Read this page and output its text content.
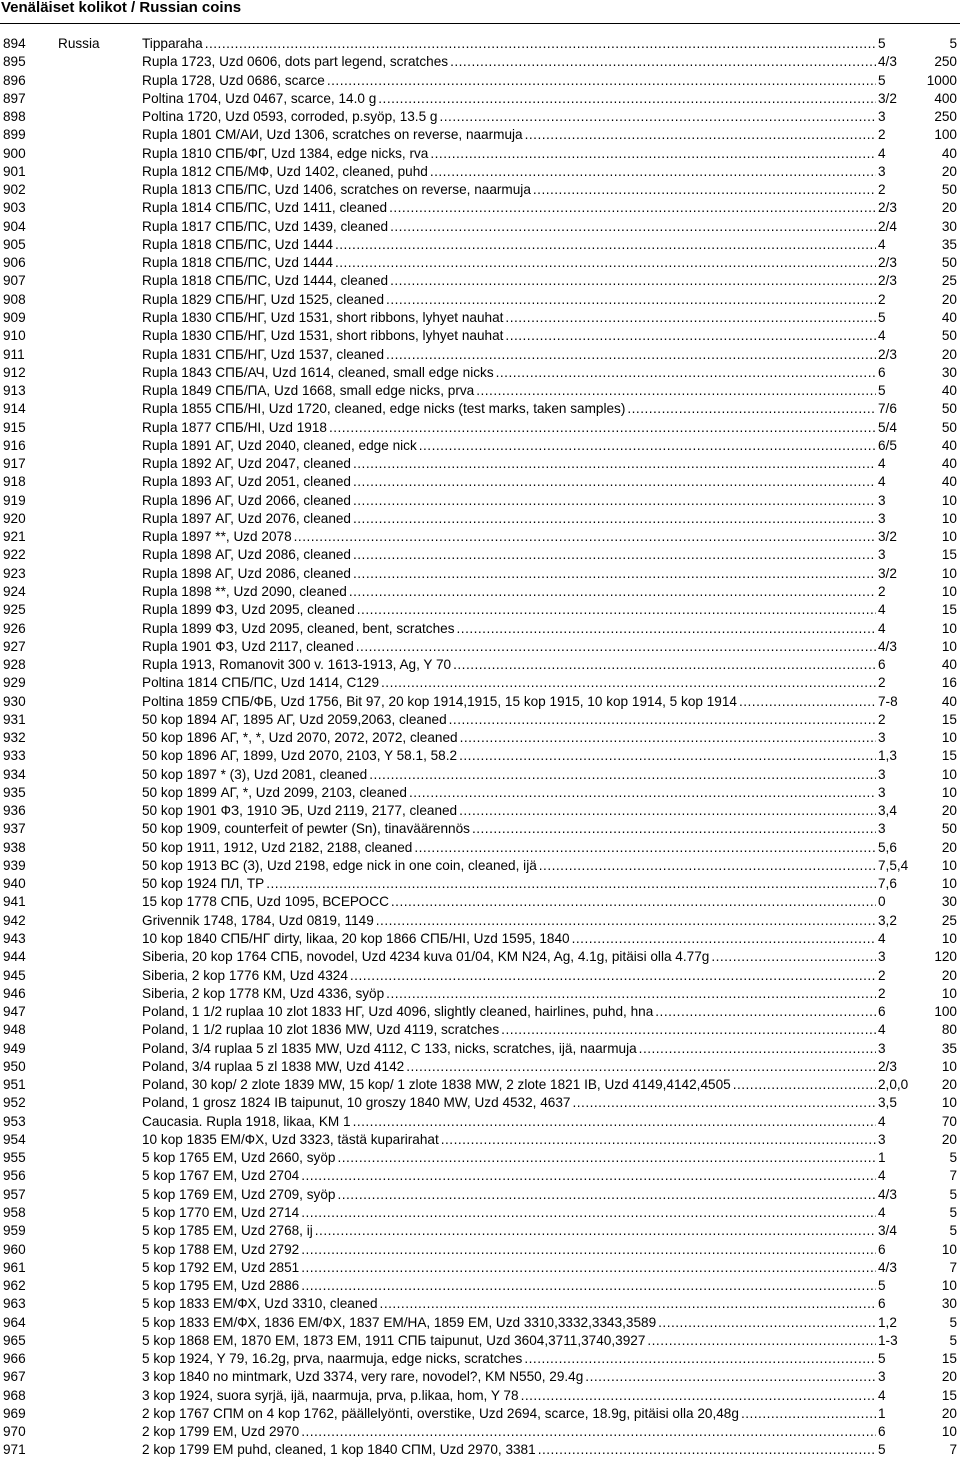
Venäläiset kolikot / Russian coins
894 Russia	Tipparaha .....	5	5
895	Rupla 1723, Uzd 0606, dots part legend, scratches .....	4/3	250
896	Rupla 1728, Uzd 0686, scarce .....	5	1000
897	Poltina 1704, Uzd 0467, scarce, 14.0 g .....	3/2	400
898	Poltina 1720, Uzd 0593, corroded, p.syöp, 13.5 g .....	3	250
899	Rupla 1801 СМ/АИ, Uzd 1306, scratches on reverse, naarmuja .....	2	100
900	Rupla 1810 СПБ/ФГ, Uzd 1384, edge nicks, rva .....	4	40
901	Rupla 1812 СПБ/МФ, Uzd 1402, cleaned, puhd .....	3	20
902	Rupla 1813 СПБ/ПС, Uzd 1406, scratches on reverse, naarmuja .....	2	50
903	Rupla 1814 СПБ/ПС, Uzd 1411, cleaned .....	2/3	20
904	Rupla 1817 СПБ/ПС, Uzd 1439, cleaned .....	2/4	30
905	Rupla 1818 СПБ/ПС, Uzd 1444 .....	4	35
906	Rupla 1818 СПБ/ПС, Uzd 1444 .....	2/3	50
907	Rupla 1818 СПБ/ПС, Uzd 1444, cleaned .....	2/3	25
908	Rupla 1829 СПБ/НГ, Uzd 1525, cleaned .....	2	20
909	Rupla 1830 СПБ/НГ, Uzd 1531, short ribbons, lyhyet nauhat .....	5	40
910	Rupla 1830 СПБ/НГ, Uzd 1531, short ribbons, lyhyet nauhat .....	4	50
911	Rupla 1831 СПБ/НГ, Uzd 1537, cleaned .....	2/3	20
912	Rupla 1843 СПБ/АЧ, Uzd 1614, cleaned, small edge nicks .....	6	30
913	Rupla 1849 СПБ/ПА, Uzd 1668, small edge nicks, prva .....	5	40
914	Rupla 1855 СПБ/НI, Uzd 1720, cleaned, edge nicks (test marks, taken samples) .....	7/6	50
915	Rupla 1877 СПБ/НI, Uzd 1918 .....	5/4	50
916	Rupla 1891 АГ, Uzd 2040, cleaned, edge nick .....	6/5	40
917	Rupla 1892 АГ, Uzd 2047, cleaned .....	4	40
918	Rupla 1893 АГ, Uzd 2051, cleaned .....	4	40
919	Rupla 1896 АГ, Uzd 2066, cleaned .....	3	10
920	Rupla 1897 АГ, Uzd 2076, cleaned .....	3	10
921	Rupla 1897 **, Uzd 2078 .....	3/2	10
922	Rupla 1898 АГ, Uzd 2086, cleaned .....	3	15
923	Rupla 1898 АГ, Uzd 2086, cleaned .....	3/2	10
924	Rupla 1898 **, Uzd 2090, cleaned .....	2	10
925	Rupla 1899 ФЗ, Uzd 2095, cleaned .....	4	15
926	Rupla 1899 ФЗ, Uzd 2095, cleaned, bent, scratches .....	4	10
927	Rupla 1901 ФЗ, Uzd 2117, cleaned .....	4/3	10
928	Rupla 1913, Romanovit 300 v. 1613-1913, Ag, Y 70 .....	6	40
929	Poltina 1814 СПБ/ПС, Uzd 1414, C129 .....	2	16
930	Poltina 1859 СПБ/ФБ, Uzd 1756, Bit 97, 20 kop 1914,1915, 15 kop 1915, 10 kop 1914, 5 kop 1914 .....	7-8	40
931	50 kop 1894 АГ, 1895 АГ, Uzd 2059,2063, cleaned .....	2	15
932	50 kop 1896 АГ, *, *, Uzd 2070, 2072, 2072, cleaned .....	3	10
933	50 kop 1896 АГ, 1899, Uzd 2070, 2103, Y 58.1, 58.2 .....	1,3	15
934	50 kop 1897 * (3), Uzd 2081, cleaned .....	3	10
935	50 kop 1899 АГ, *, Uzd 2099, 2103, cleaned .....	3	10
936	50 kop 1901 ФЗ, 1910 ЭБ, Uzd 2119, 2177, cleaned .....	3,4	20
937	50 kop 1909, counterfeit of pewter (Sn), tinaväärennös .....	3	50
938	50 kop 1911, 1912, Uzd 2182, 2188, cleaned .....	5,6	20
939	50 kop 1913 ВС (3), Uzd 2198, edge nick in one coin, cleaned, ijä .....	7,5,4	10
940	50 kop 1924 ПЛ, ТР .....	7,6	10
941	15 kop 1778 СПБ, Uzd 1095, ВСЕРОСС .....	0	30
942	Grivennik 1748, 1784, Uzd 0819, 1149 .....	3,2	25
943	10 kop 1840 СПБ/НГ dirty, likaa, 20 kop 1866 СПБ/НI, Uzd 1595, 1840 .....	4	10
944	Siberia, 20 kop 1764 СПБ, novodel, Uzd 4234 kuva 01/04, KM N24, Ag, 4.1g, pitäisi olla 4.77g .....	3	120
945	Siberia, 2 kop 1776 КМ, Uzd 4324 .....	2	20
946	Siberia, 2 kop 1778 КМ, Uzd 4336, syöp .....	2	10
947	Poland, 1 1/2 ruplaa 10 zlot 1833 НГ, Uzd 4096, slightly cleaned, hairlines, puhd, hna .....	6	100
948	Poland, 1 1/2 ruplaa 10 zlot 1836 MW, Uzd 4119, scratches .....	4	80
949	Poland, 3/4 ruplaa 5 zl 1835 MW, Uzd 4112, C 133, nicks, scratches, ijä, naarmuja .....	3	35
950	Poland, 3/4 ruplaa 5 zl 1838 MW, Uzd 4142 .....	2/3	10
951	Poland, 30 kop/ 2 zlote 1839 MW, 15 kop/ 1 zlote 1838 MW, 2 zlote 1821 IB, Uzd 4149,4142,4505 .....	2,0,0	20
952	Poland, 1 grosz 1824 IB taipunut, 10 groszy 1840 MW, Uzd 4532, 4637 .....	3,5	10
953	Caucasia. Rupla 1918, likaa, KM 1 .....	4	70
954	10 kop 1835 ЕМ/ФХ, Uzd 3323, tästä kuparirahat .....	3	20
955	5 kop 1765 ЕМ, Uzd 2660, syöp .....	1	5
956	5 kop 1767 ЕМ, Uzd 2704 .....	4	7
957	5 kop 1769 ЕМ, Uzd 2709, syöp .....	4/3	5
958	5 kop 1770 ЕМ, Uzd 2714 .....	4	5
959	5 kop 1785 ЕМ, Uzd 2768, ij .....	3/4	5
960	5 kop 1788 ЕМ, Uzd 2792 .....	6	10
961	5 kop 1792 ЕМ, Uzd 2851 .....	4/3	7
962	5 kop 1795 ЕМ, Uzd 2886 .....	5	10
963	5 kop 1833 ЕМ/ФХ, Uzd 3310, cleaned .....	6	30
964	5 kop 1833 ЕМ/ФХ, 1836 ЕМ/ФХ, 1837 ЕМ/НА, 1859 ЕМ, Uzd 3310,3332,3343,3589 .....	1,2	5
965	5 kop 1868 ЕМ, 1870 ЕМ, 1873 ЕМ, 1911 СПБ taipunut, Uzd 3604,3711,3740,3927 .....	1-3	5
966	5 kop 1924, Y 79, 16.2g, prva, naarmuja, edge nicks, scratches .....	5	15
967	3 kop 1840 no mintmark, Uzd 3374, very rare, novodel?, KM N550, 29.4g .....	3	20
968	3 kop 1924, suora syrjä, ijä, naarmuja, prva, p.likaa, hom, Y 78 .....	4	15
969	2 kop 1767 СПМ on 4 kop 1762, päällelyönti, overstike, Uzd 2694, scarce, 18.9g, pitäisi olla 20,48g .....	1	20
970	2 kop 1799 ЕМ, Uzd 2970 .....	6	10
971	2 kop 1799 ЕМ puhd, cleaned, 1 kop 1840 СПМ, Uzd 2970, 3381 .....	5	7
